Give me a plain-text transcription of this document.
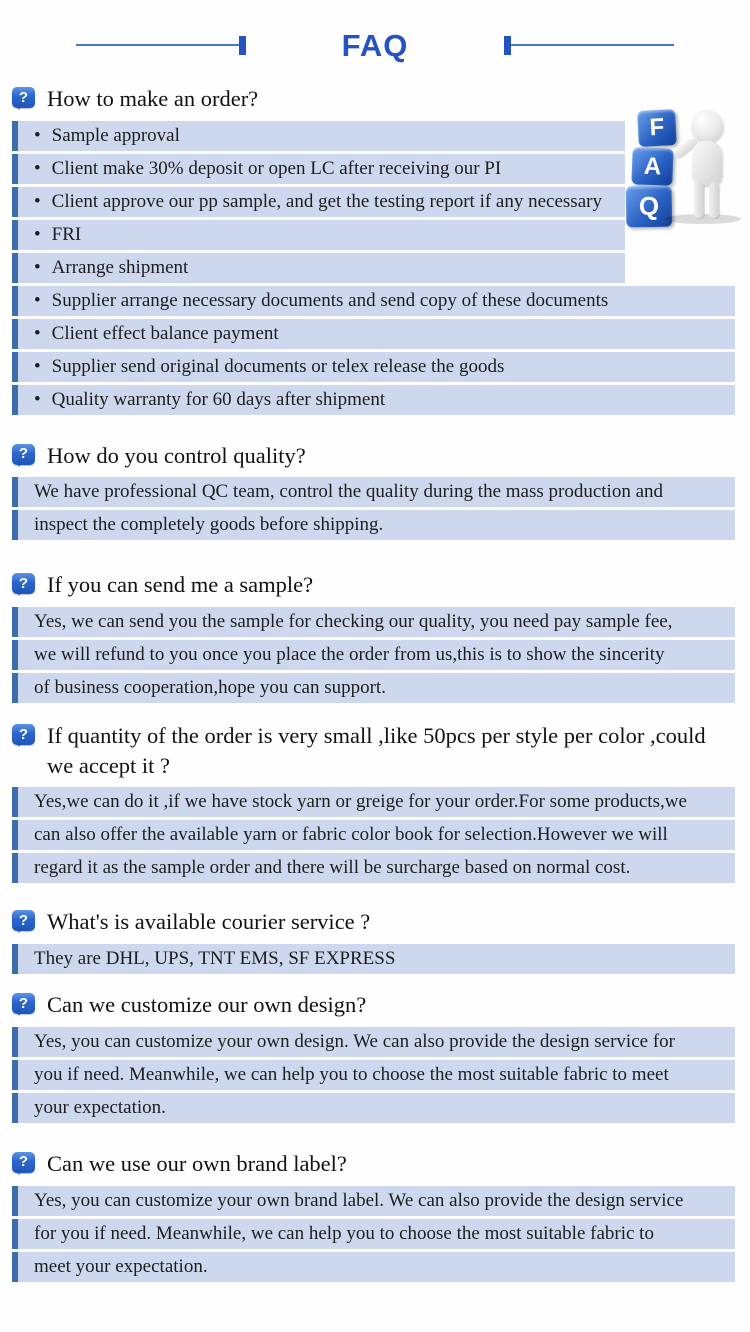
FAQ
F
A
Q
? How to make an order?
• Sample approval
• Client make 30% deposit or open LC after receiving our PI
• Client approve our pp sample, and get the testing report if any necessary
• FRI
• Arrange shipment
• Supplier arrange necessary documents and send copy of these documents
• Client effect balance payment
• Supplier send original documents or telex release the goods
• Quality warranty for 60 days after shipment
? How do you control quality?
We have professional QC team, control the quality during the mass production and
inspect the completely goods before shipping.
? If you can send me a sample?
Yes, we can send you the sample for checking our quality, you need pay sample fee,
we will refund to you once you place the order from us,this is to show the sincerity
of business cooperation,hope you can support.
? If quantity of the order is very small ,like 50pcs per style per color ,could we accept it ?
Yes,we can do it ,if we have stock yarn or greige for your order.For some products,we
can also offer the available yarn or fabric color book for selection.However we will
regard it as the sample order and there will be surcharge based on normal cost.
? What's is available courier service ?
They are DHL, UPS, TNT EMS, SF EXPRESS
? Can we customize our own design?
Yes, you can customize your own design. We can also provide the design service for
you if need. Meanwhile, we can help you to choose the most suitable fabric to meet
your expectation.
? Can we use our own brand label?
Yes, you can customize your own brand label. We can also provide the design service
for you if need. Meanwhile, we can help you to choose the most suitable fabric to
meet your expectation.
